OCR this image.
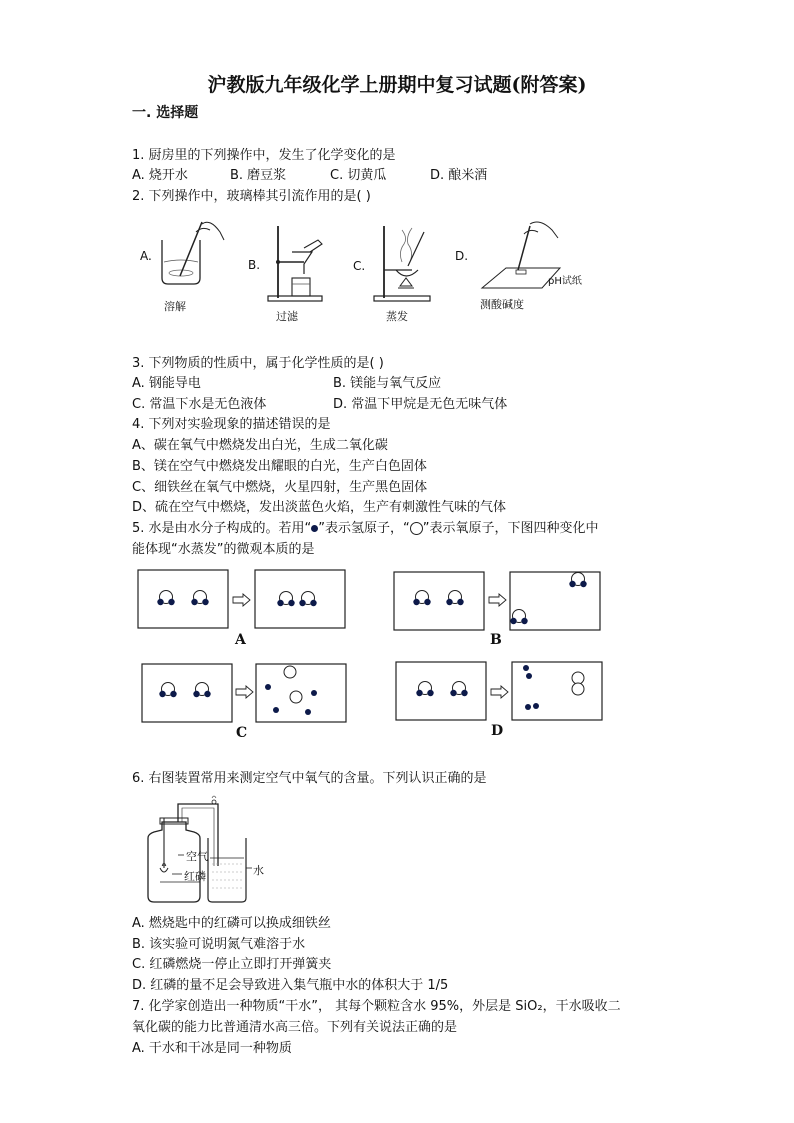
沪教版九年级化学上册期中复习试题(附答案)
一. 选择题
1. 厨房里的下列操作中，发生了化学变化的是
A. 烧开水	B. 磨豆浆	C. 切黄瓜	D. 酿米酒
2. 下列操作中，玻璃棒其引流作用的是( )
A.
B.	C.
D.
溶解
过滤	蒸发
pH试纸
测酸碱度
3. 下列物质的性质中，属于化学性质的是( )
A. 钢能导电	B. 镁能与氧气反应
C. 常温下水是无色液体	D. 常温下甲烷是无色无味气体
4. 下列对实验现象的描述错误的是
A、碳在氧气中燃烧发出白光，生成二氧化碳
B、镁在空气中燃烧发出耀眼的白光，生产白色固体
C、细铁丝在氧气中燃烧，火星四射，生产黑色固体
D、硫在空气中燃烧，发出淡蓝色火焰，生产有刺激性气味的气体
5. 水是由水分子构成的。若用“ ”表示氢原子，“ ”表示氧原子，下图四种变化中
能体现“水蒸发”的微观本质的是
A	B
C	D
6. 右图装置常用来测定空气中氧气的含量。下列认识正确的是
空气
红磷	水
A. 燃烧匙中的红磷可以换成细铁丝
B. 该实验可说明氮气难溶于水
C. 红磷燃烧一停止立即打开弹簧夹
D. 红磷的量不足会导致进入集气瓶中水的体积大于 1/5
7. 化学家创造出一种物质“干水”， 其每个颗粒含水 95%，外层是 SiO₂，干水吸收二
氧化碳的能力比普通清水高三倍。下列有关说法正确的是
A. 干水和干冰是同一种物质
